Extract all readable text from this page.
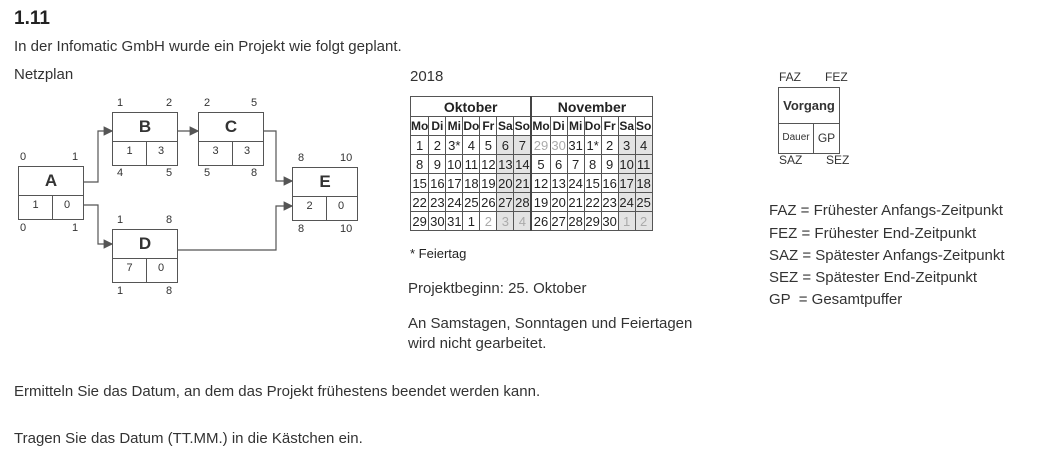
1.11
In der Infomatic GmbH wurde ein Projekt wie folgt geplant.
Netzplan
0	1
A
1	0
0	1
1	2
B
1	3
4	5
2	5
C
3	3
5	8
1	8
D
7	0
1	8
8	10
E
2	0
8	10
2018
Oktober							November						
Mo	Di	Mi	Do	Fr	Sa	So	Mo	Di	Mi	Do	Fr	Sa	So
1	2	3*	4	5	6	7	29	30	31	1*	2	3	4
8	9	10	11	12	13	14	5	6	7	8	9	10	11
15	16	17	18	19	20	21	12	13	24	15	16	17	18
22	23	24	25	26	27	28	19	20	21	22	23	24	25
29	30	31	1	2	3	4	26	27	28	29	30	1	2
* Feiertag
Projektbeginn: 25. Oktober
An Samstagen, Sonntagen und Feiertagen
wird nicht gearbeitet.
FAZ FEZ
Vorgang
Dauer GP
SAZ SEZ
FAZ = Frühester Anfangs-Zeitpunkt
FEZ = Frühester End-Zeitpunkt
SAZ = Spätester Anfangs-Zeitpunkt
SEZ = Spätester End-Zeitpunkt
GP  = Gesamtpuffer
Ermitteln Sie das Datum, an dem das Projekt frühestens beendet werden kann.
Tragen Sie das Datum (TT.MM.) in die Kästchen ein.
